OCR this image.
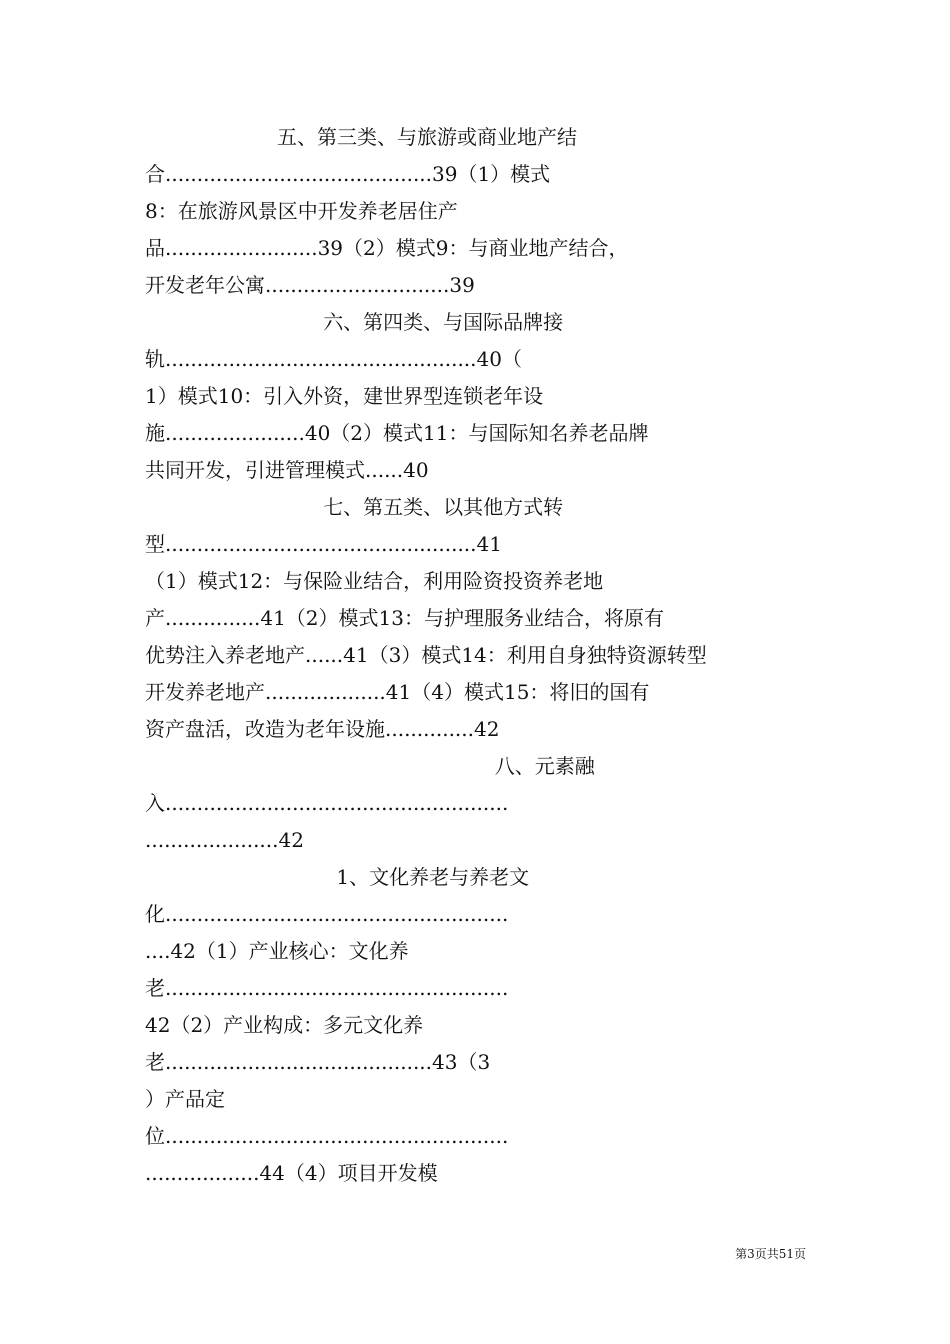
五、第三类、与旅游或商业地产结
合..........................................39（1）模式
8：在旅游风景区中开发养老居住产
品........................39（2）模式9：与商业地产结合，
开发老年公寓.............................39
六、第四类、与国际品牌接
轨.................................................40（
1）模式10：引入外资，建世界型连锁老年设
施......................40（2）模式11：与国际知名养老品牌
共同开发，引进管理模式......40
七、第五类、以其他方式转
型.................................................41
（1）模式12：与保险业结合，利用险资投资养老地
产...............41（2）模式13：与护理服务业结合，将原有
优势注入养老地产......41（3）模式14：利用自身独特资源转型
开发养老地产...................41（4）模式15：将旧的国有
资产盘活，改造为老年设施..............42
八、元素融
入......................................................
.....................42
1、文化养老与养老文
化......................................................
....42（1）产业核心：文化养
老......................................................
42（2）产业构成：多元文化养
老..........................................43（3
）产品定
位......................................................
..................44（4）项目开发模
第3页共51页
